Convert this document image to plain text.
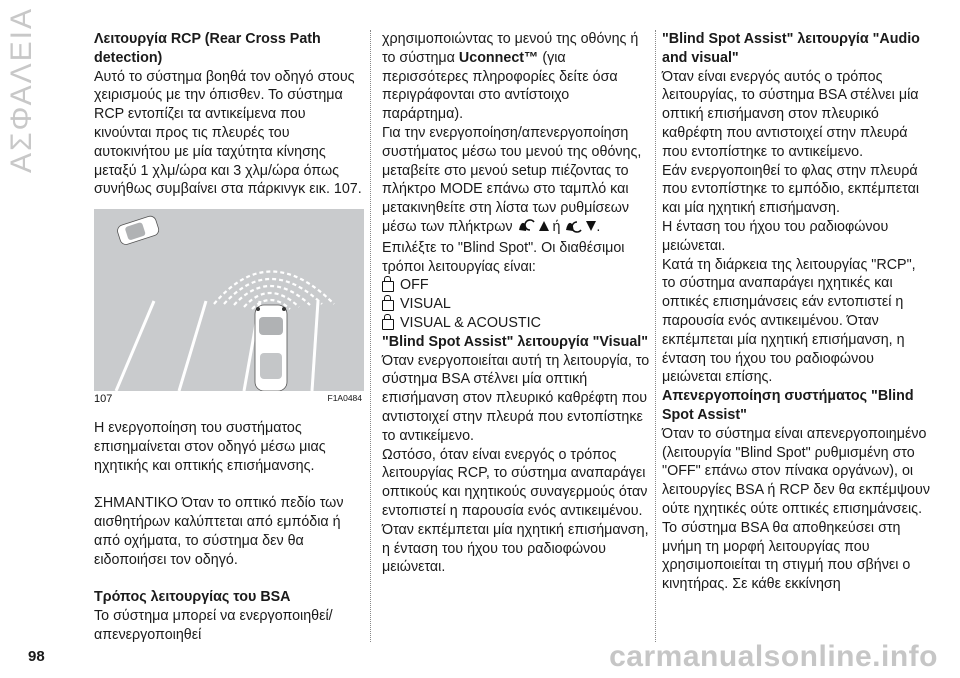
ΑΣΦΑΛΕΙΑ	Λειτουργία RCP (Rear Cross Path detection)

Αυτό το σύστημα βοηθά τον οδηγό στους χειρισμούς με την όπισθεν. Το σύστημα RCP εντοπίζει τα αντικείμενα που κινούνται προς τις πλευρές του αυτοκινήτου με μία ταχύτητα κίνησης μεταξύ 1 χλμ/ώρα και 3 χλμ/ώρα όπως συνήθως συμβαίνει στα πάρκινγκ εικ. 107.

107	F1A0484

Η ενεργοποίηση του συστήματος επισημαίνεται στον οδηγό μέσω μιας ηχητικής και οπτικής επισήμανσης.

ΣΗΜΑΝΤΙΚΟ Όταν το οπτικό πεδίο των αισθητήρων καλύπτεται από εμπόδια ή από οχήματα, το σύστημα δεν θα ειδοποιήσει τον οδηγό.

Τρόπος λειτουργίας του BSA

Το σύστημα μπορεί να ενεργοποιηθεί/απενεργοποιηθεί

χρησιμοποιώντας το μενού της οθόνης ή το σύστημα Uconnect™ (για περισσότερες πληροφορίες δείτε όσα περιγράφονται στο αντίστοιχο παράρτημα).

Για την ενεργοποίηση/απενεργοποίηση συστήματος μέσω του μενού της οθόνης, μεταβείτε στο μενού setup πιέζοντας το πλήκτρο MODE επάνω στο ταμπλό και μετακινηθείτε στη λίστα των ρυθμίσεων μέσω των πλήκτρων	ή	. Επιλέξτε το "Blind Spot". Οι διαθέσιμοι τρόποι λειτουργίας είναι:

OFF
VISUAL
VISUAL & ACOUSTIC

"Blind Spot Assist" λειτουργία "Visual"

Όταν ενεργοποιείται αυτή τη λειτουργία, το σύστημα BSA στέλνει μία οπτική επισήμανση στον πλευρικό καθρέφτη που αντιστοιχεί στην πλευρά που εντοπίστηκε το αντικείμενο.

Ωστόσο, όταν είναι ενεργός ο τρόπος λειτουργίας RCP, το σύστημα αναπαράγει οπτικούς και ηχητικούς συναγερμούς όταν εντοπιστεί η παρουσία ενός αντικειμένου.

Όταν εκπέμπεται μία ηχητική επισήμανση, η ένταση του ήχου του ραδιοφώνου μειώνεται.

"Blind Spot Assist" λειτουργία "Audio and visual"

Όταν είναι ενεργός αυτός ο τρόπος λειτουργίας, το σύστημα BSA στέλνει μία οπτική επισήμανση στον πλευρικό καθρέφτη που αντιστοιχεί στην πλευρά που εντοπίστηκε το αντικείμενο.

Εάν ενεργοποιηθεί το φλας στην πλευρά που εντοπίστηκε το εμπόδιο, εκπέμπεται και μία ηχητική επισήμανση.

Η ένταση του ήχου του ραδιοφώνου μειώνεται.

Κατά τη διάρκεια της λειτουργίας "RCP", το σύστημα αναπαράγει ηχητικές και οπτικές επισημάνσεις εάν εντοπιστεί η παρουσία ενός αντικειμένου. Όταν εκπέμπεται μία ηχητική επισήμανση, η ένταση του ήχου του ραδιοφώνου μειώνεται επίσης.

Απενεργοποίηση συστήματος "Blind Spot Assist"

Όταν το σύστημα είναι απενεργοποιημένο (λειτουργία "Blind Spot" ρυθμισμένη στο "OFF" επάνω στον πίνακα οργάνων), οι λειτουργίες BSA ή RCP δεν θα εκπέμψουν ούτε ηχητικές ούτε οπτικές επισημάνσεις.

Το σύστημα BSA θα αποθηκεύσει στη μνήμη τη μορφή λειτουργίας που χρησιμοποιείται τη στιγμή που σβήνει ο κινητήρας. Σε κάθε εκκίνηση

98	carmanualsonline.info
